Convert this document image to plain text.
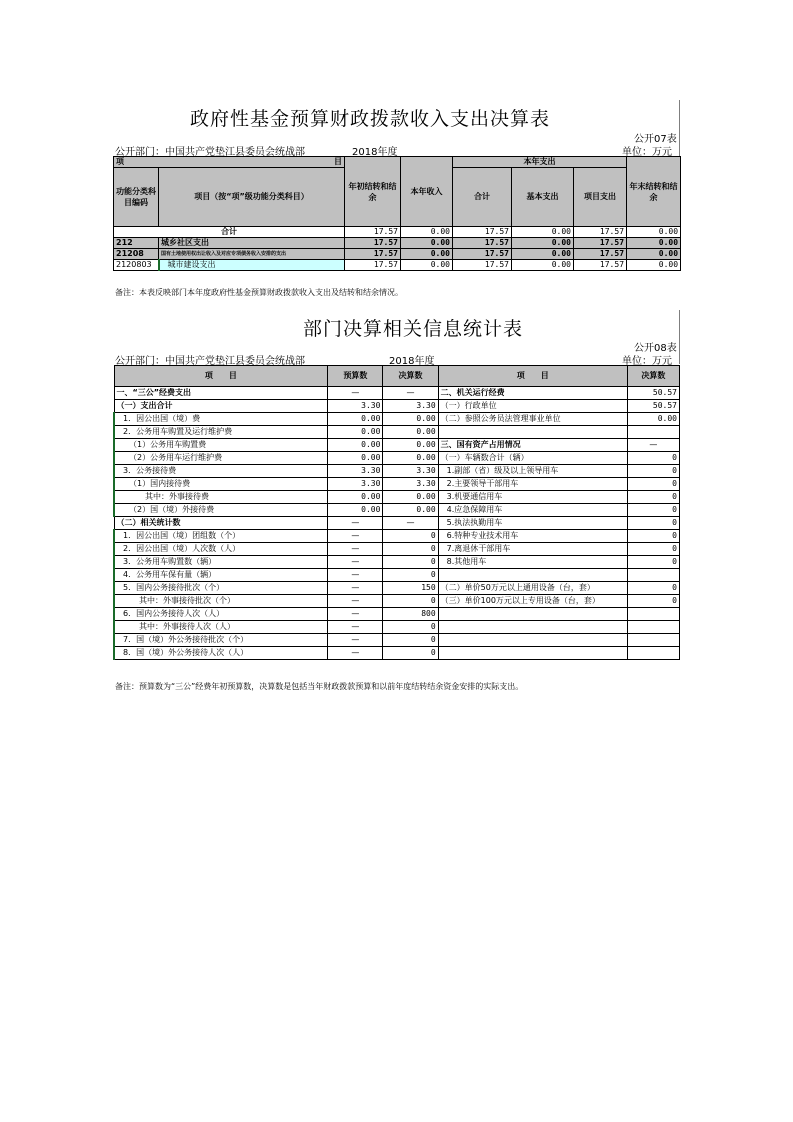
政府性基金预算财政拨款收入支出决算表
公开07表
公开部门：中国共产党垫江县委员会统战部	2018年度	单位：万元
项 目		年初结转和结余	本年收入	本年支出			年末结转和结余
功能分类科目编码	项目（按“项”级功能分类科目）			合计	基本支出	项目支出	
合计		17.57	0.00	17.57	0.00	17.57	0.00
212	城乡社区支出	17.57	0.00	17.57	0.00	17.57	0.00
21208	国有土地使用权出让收入及对应专项债务收入安排的支出	17.57	0.00	17.57	0.00	17.57	0.00
2120803	城市建设支出	17.57	0.00	17.57	0.00	17.57	0.00
备注：本表反映部门本年度政府性基金预算财政拨款收入支出及结转和结余情况。
部门决算相关信息统计表
公开08表
公开部门：中国共产党垫江县委员会统战部	2018年度	单位：万元
项　　目	预算数	决算数	项　　目	决算数
一、“三公”经费支出	—	—	二、机关运行经费	50.57
（一）支出合计	3.30	3.30	（一）行政单位	50.57
1．因公出国（境）费	0.00	0.00	（二）参照公务员法管理事业单位	0.00
2．公务用车购置及运行维护费	0.00	0.00		
（1）公务用车购置费	0.00	0.00	三、国有资产占用情况	—
（2）公务用车运行维护费	0.00	0.00	（一）车辆数合计（辆）	0
3．公务接待费	3.30	3.30	1.副部（省）级及以上领导用车	0
（1）国内接待费	3.30	3.30	2.主要领导干部用车	0
其中：外事接待费	0.00	0.00	3.机要通信用车	0
（2）国（境）外接待费	0.00	0.00	4.应急保障用车	0
（二）相关统计数	—	—	5.执法执勤用车	0
1．因公出国（境）团组数（个）	—	0	6.特种专业技术用车	0
2．因公出国（境）人次数（人）	—	0	7.离退休干部用车	0
3．公务用车购置数（辆）	—	0	8.其他用车	0
4．公务用车保有量（辆）	—	0		
5．国内公务接待批次（个）	—	150	（二）单价50万元以上通用设备（台，套）	0
其中：外事接待批次（个）	—	0	（三）单价100万元以上专用设备（台，套）	0
6．国内公务接待人次（人）	—	800		
其中：外事接待人次（人）	—	0		
7．国（境）外公务接待批次（个）	—	0		
8．国（境）外公务接待人次（人）	—	0		
备注：预算数为“三公”经费年初预算数，决算数是包括当年财政拨款预算和以前年度结转结余资金安排的实际支出。
